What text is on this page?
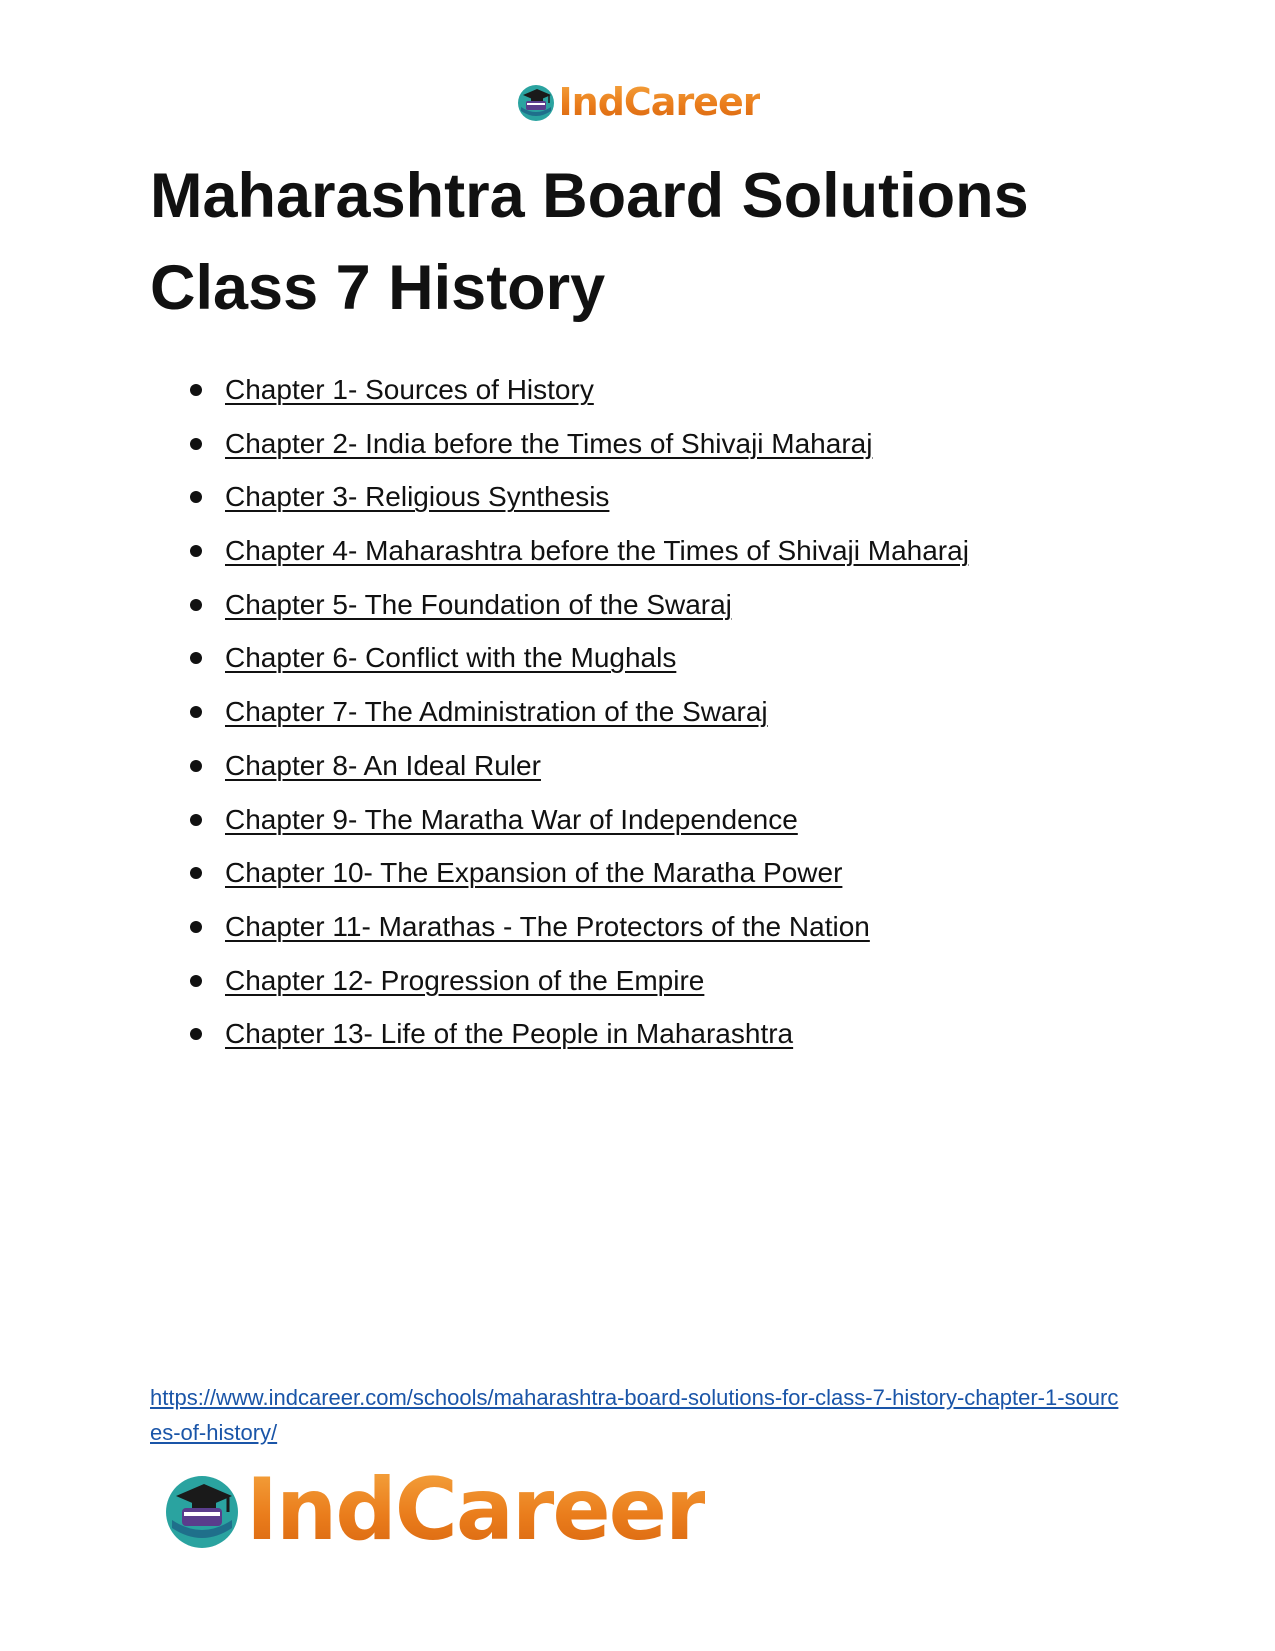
IndCareer
Maharashtra Board Solutions Class 7 History
Chapter 1- Sources of History
Chapter 2- India before the Times of Shivaji Maharaj
Chapter 3- Religious Synthesis
Chapter 4- Maharashtra before the Times of Shivaji Maharaj
Chapter 5- The Foundation of the Swaraj
Chapter 6- Conflict with the Mughals
Chapter 7- The Administration of the Swaraj
Chapter 8- An Ideal Ruler
Chapter 9- The Maratha War of Independence
Chapter 10- The Expansion of the Maratha Power
Chapter 11- Marathas - The Protectors of the Nation
Chapter 12- Progression of the Empire
Chapter 13- Life of the People in Maharashtra
https://www.indcareer.com/schools/maharashtra-board-solutions-for-class-7-history-chapter-1-sources-of-history/
IndCareer
